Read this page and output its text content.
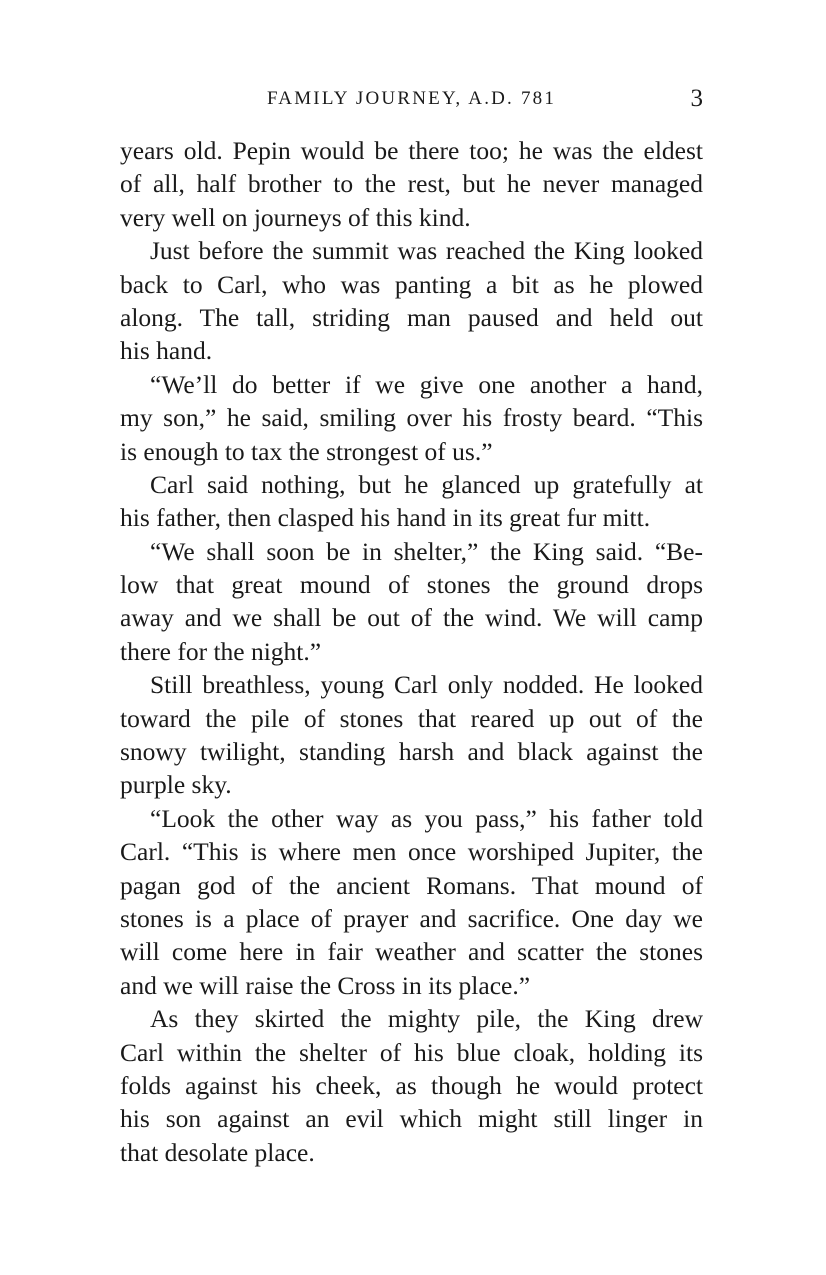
FAMILY JOURNEY, A.D. 781	3
years old. Pepin would be there too; he was the eldest
of all, half brother to the rest, but he never managed
very well on journeys of this kind.
Just before the summit was reached the King looked
back to Carl, who was panting a bit as he plowed
along. The tall, striding man paused and held out
his hand.
“We’ll do better if we give one another a hand,
my son,” he said, smiling over his frosty beard. “This
is enough to tax the strongest of us.”
Carl said nothing, but he glanced up gratefully at
his father, then clasped his hand in its great fur mitt.
“We shall soon be in shelter,” the King said. “Be-
low that great mound of stones the ground drops
away and we shall be out of the wind. We will camp
there for the night.”
Still breathless, young Carl only nodded. He looked
toward the pile of stones that reared up out of the
snowy twilight, standing harsh and black against the
purple sky.
“Look the other way as you pass,” his father told
Carl. “This is where men once worshiped Jupiter, the
pagan god of the ancient Romans. That mound of
stones is a place of prayer and sacrifice. One day we
will come here in fair weather and scatter the stones
and we will raise the Cross in its place.”
As they skirted the mighty pile, the King drew
Carl within the shelter of his blue cloak, holding its
folds against his cheek, as though he would protect
his son against an evil which might still linger in
that desolate place.
